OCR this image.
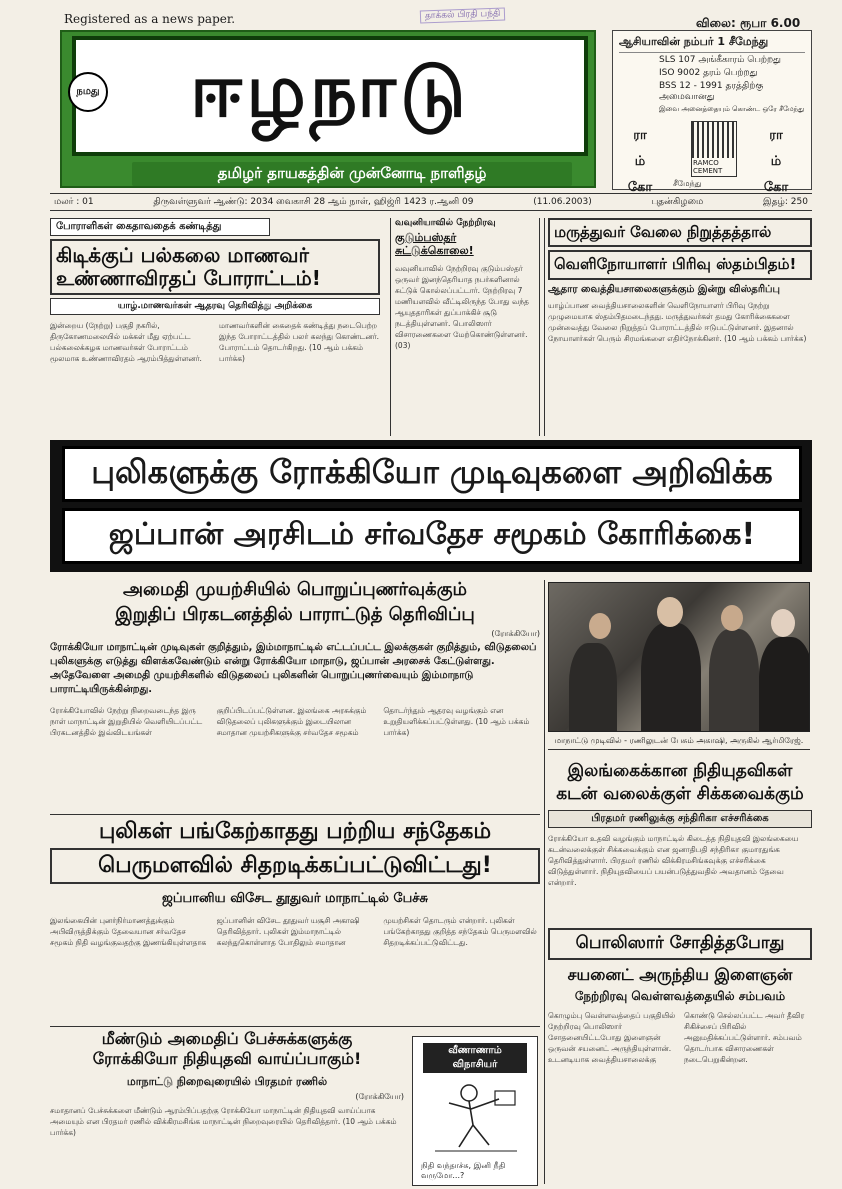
Registered as a news paper.	தாக்கல் பிரதி பந்தி
விலை: ரூபா 6.00
ஈழநாடு
நமது
தமிழர் தாயகத்தின் முன்னோடி நாளிதழ்
ஆசியாவின் நம்பர் 1 சீமேந்து
SLS 107 அங்கீகாரம் பெற்றது
ISO 9002 தரம் பெற்றது
BSS 12 - 1991 தரத்திற்கு அமைவானது
இவை அனைத்தையும் கொண்ட ஒரே சீமேந்து
ரா
ம்
கோ
RAMCO CEMENT
ரா
ம்
கோ
சீமேந்து
மலர் : 01	திருவள்ளுவர் ஆண்டு: 2034 வைகாசி 28 ஆம் நாள், ஹிஜ்ரி 1423 ர.ஆனி 09	(11.06.2003)	புதன்கிழமை	இதழ்: 250
போராளிகள் கைதாவதைக் கண்டித்து
கிடிக்குப் பல்கலை மாணவர்
உண்ணாவிரதப் போராட்டம்!
யாழ்.மாணவர்கள் ஆதரவு தெரிவித்து அறிக்கை
இன்றைய (நேற்று) பகுதி நகரில், திருகோணமலையில் மக்கள் மீது ஏற்பட்ட பல்கலைக்கழக மாணவர்கள் போராட்டம் மூலமாக உண்ணாவிரதம் ஆரம்பித்துள்ளனர். மாணவர்களின் கைதைக் கண்டித்து நடைபெற்ற இந்த போராட்டத்தில் பலர் கலந்து கொண்டனர். போராட்டம் தொடர்கிறது. (10 ஆம் பக்கம் பார்க்க)
வவுனியாவில் நேற்றிரவு
குடும்பஸ்தர் சுட்டுக்கொலை!
வவுனியாவில் நேற்றிரவு குடும்பஸ்தர் ஒருவர் இனந்தெரியாத நபர்களினால் சுட்டுக் கொல்லப்பட்டார். நேற்றிரவு 7 மணியளவில் வீட்டிலிருந்த போது வந்த ஆயுததாரிகள் துப்பாக்கிச் சூடு நடத்தியுள்ளனர். பொலிஸார் விசாரணைகளை மேற்கொண்டுள்ளனர். (03)
மருத்துவர் வேலை நிறுத்தத்தால்
வெளிநோயாளர் பிரிவு ஸ்தம்பிதம்!
ஆதார வைத்தியசாலைகளுக்கும் இன்று விஸ்தரிப்பு
யாழ்ப்பாண வைத்தியசாலைகளின் வெளிநோயாளர் பிரிவு நேற்று முழுமையாக ஸ்தம்பிதமடைந்தது. மருத்துவர்கள் தமது கோரிக்கைகளை முன்வைத்து வேலை நிறுத்தப் போராட்டத்தில் ஈடுபட்டுள்ளனர். இதனால் நோயாளர்கள் பெரும் சிரமங்களை எதிர்நோக்கினர். (10 ஆம் பக்கம் பார்க்க)
புலிகளுக்கு ரோக்கியோ முடிவுகளை அறிவிக்க
ஜப்பான் அரசிடம் சர்வதேச சமூகம் கோரிக்கை!
அமைதி முயற்சியில் பொறுப்புணர்வுக்கும்
இறுதிப் பிரகடனத்தில் பாராட்டுத் தெரிவிப்பு
(ரோக்கியோ)
ரோக்கியோ மாநாட்டின் முடிவுகள் குறித்தும், இம்மாநாட்டில் எட்டப்பட்ட இலக்குகள் குறித்தும், விடுதலைப் புலிகளுக்கு எடுத்து விளக்கவேண்டும் என்று ரோக்கியோ மாநாடு, ஜப்பான் அரசைக் கேட்டுள்ளது. அதேவேளை அமைதி முயற்சிகளில் விடுதலைப் புலிகளின் பொறுப்புணர்வையும் இம்மாநாடு பாராட்டியிருக்கின்றது.
ரோக்கியோவில் நேற்று நிறைவடைந்த இரு நாள் மாநாட்டின் இறுதியில் வெளியிடப்பட்ட பிரகடனத்தில் இவ்விடயங்கள் குறிப்பிடப்பட்டுள்ளன. இலங்கை அரசுக்கும் விடுதலைப் புலிகளுக்கும் இடையிலான சமாதான முயற்சிகளுக்கு சர்வதேச சமூகம் தொடர்ந்தும் ஆதரவு வழங்கும் என உறுதியளிக்கப்பட்டுள்ளது. (10 ஆம் பக்கம் பார்க்க)
மாநாட்டு முடிவில் - ரணிலுடன் பேசும் அகாஷி, அருகில் ஆர்மிரேஜ்.
புலிகள் பங்கேற்காதது பற்றிய சந்தேகம்
பெருமளவில் சிதறடிக்கப்பட்டுவிட்டது!
ஜப்பானிய விசேட தூதுவர் மாநாட்டில் பேச்சு
இலங்கையின் புனர்நிர்மாணத்துக்கும் அபிவிருத்திக்கும் தேவையான சர்வதேச சமூகம் நிதி வழங்குவதற்கு இணங்கியுள்ளதாக ஜப்பானின் விசேட தூதுவர் யசூசி அகாஷி தெரிவித்தார். புலிகள் இம்மாநாட்டில் கலந்துகொள்ளாத போதிலும் சமாதான முயற்சிகள் தொடரும் என்றார். புலிகள் பங்கேற்காதது குறித்த சந்தேகம் பெருமளவில் சிதறடிக்கப்பட்டுவிட்டது.
இலங்கைக்கான நிதியுதவிகள்
கடன் வலைக்குள் சிக்கவைக்கும்
பிரதமர் ரணிலுக்கு சந்திரிகா எச்சரிக்கை
ரோக்கியோ உதவி வழங்கும் மாநாட்டில் கிடைத்த நிதியுதவி இலங்கையை கடன்வலைக்குள் சிக்கவைக்கும் என ஜனாதிபதி சந்திரிகா குமாரதுங்க தெரிவித்துள்ளார். பிரதமர் ரணில் விக்கிரமசிங்கவுக்கு எச்சரிக்கை விடுத்துள்ளார். நிதியுதவியைப் பயன்படுத்துவதில் அவதானம் தேவை என்றார்.
பொலிஸார் சோதித்தபோது
சயனைட் அருந்திய இளைஞன்
நேற்றிரவு வெள்ளவத்தையில் சம்பவம்
கொழும்பு வெள்ளவத்தைப் பகுதியில் நேற்றிரவு பொலிஸார் சோதனையிட்டபோது இளைஞன் ஒருவன் சயனைட் அருந்தியுள்ளான். உடனடியாக வைத்தியசாலைக்கு கொண்டு செல்லப்பட்ட அவர் தீவிர சிகிச்சைப் பிரிவில் அனுமதிக்கப்பட்டுள்ளார். சம்பவம் தொடர்பாக விசாரணைகள் நடைபெறுகின்றன.
மீண்டும் அமைதிப் பேச்சுக்களுக்கு
ரோக்கியோ நிதியுதவி வாய்ப்பாகும்!
மாநாட்டு நிறைவுரையில் பிரதமர் ரணில்
(ரோக்கியோ)
சமாதானப் பேச்சுக்களை மீண்டும் ஆரம்பிப்பதற்கு ரோக்கியோ மாநாட்டின் நிதியுதவி வாய்ப்பாக அமையும் என பிரதமர் ரணில் விக்கிரமசிங்க மாநாட்டின் நிறைவுரையில் தெரிவித்தார். (10 ஆம் பக்கம் பார்க்க)
வீணாணாம்
விநாசியர்
நிதி வந்தாச்சு, இனி நீதி வருமோ...?
